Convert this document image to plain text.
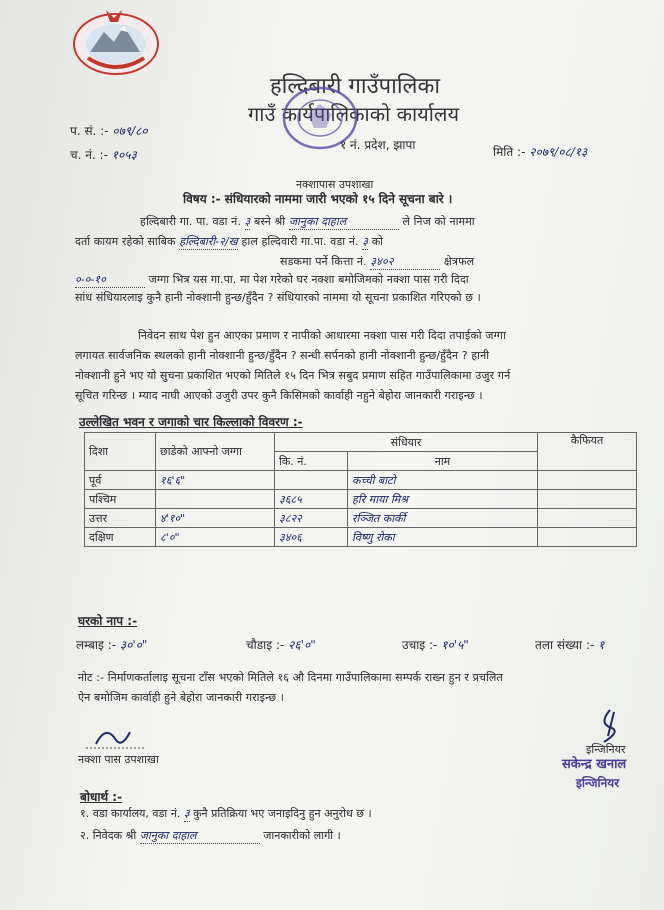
हल्दिबारी गाउँपालिका
गाउँ कार्यपालिकाको कार्यालय
१ नं. प्रदेश, झापा
प. सं. :- ०७९/८०
च. नं. :- १०५३	मिति :- २०७९/०८/१३
नक्शापास उपशाखा
विषय :- संधियारको नाममा जारी भएको १५ दिने सूचना बारे ।
हल्दिबारी गा. पा. वडा नं. ३ बस्ने श्री जानुका दाहाल	ले निज को नाममा
दर्ता कायम रहेको साबिक हल्दिबारी-२/ख हाल हल्दिवारी गा.पा. वडा नं. ३ को
सडकमा पर्ने कित्ता नं. ३४०२	क्षेत्रफल
०-०-१०	जग्गा भित्र यस गा.पा. मा पेश गरेको घर नक्शा बमोजिमको नक्शा पास गरी दिदा
सांध संधियारलाइ कुनै हानी नोक्शानी हुन्छ/हुँदैन ? संधियारको नाममा यो सूचना प्रकाशित गरिएको छ ।
निवेदन साथ पेश हुन आएका प्रमाण र नापीको आधारमा नक्शा पास गरी दिदा तपाईको जग्गा
लगायत सार्वजनिक स्थलको हानी नोक्शानी हुन्छ/हुँदैन ? सन्धी सर्पनको हानी नोक्शानी हुन्छ/हुँदैन ? हानी
नोक्शानी हुने भए यो सुचना प्रकाशित भएको मितिले १५ दिन भित्र सबुद प्रमाण सहित गाउँपालिकामा उजुर गर्न
सूचित गरिन्छ । म्याद नाघी आएको उजुरी उपर कुनै किसिमको कार्वाही नहुने बेहोरा जानकारी गराइन्छ ।
उल्लेखित भवन र जगाको चार किल्लाको विवरण :-
दिशा	छाडेको आफ्नो जग्गा	संधियार		कैफियत
		कि. नं.	नाम	
पूर्व	१६'६"		कच्ची बाटो	
पश्चिम		३६८५	हरि माया मिश्र	
उत्तर	४'१०"	३८२२	रञ्जित कार्की	
दक्षिण	८'०"	३४०६	विष्णु रोका	
घरको नाप :-
लम्बाइ :- ३०'०"	चौडाइ :- २६'०"	उचाइ :- १०'५"	तला संख्या :- १
नोट :- निर्माणकर्तालाइ सूचना टाँस भएको मितिले १६ औ दिनमा गाउँपालिकामा सम्पर्क राख्न हुन र प्रचलित
ऐन बमोजिम कार्वाही हुने बेहोरा जानकारी गराइन्छ ।
नक्शा पास उपशाखा
इन्जिनियर
सकेन्द्र खनाल
इन्जिनियर
बोधार्थ :-
१. वडा कार्यालय, वडा नं. ३ कुनै प्रतिक्रिया भए जनाइदिनु हुन अनुरोध छ ।
२. निवेदक श्री जानुका दाहाल	जानकारीको लागी ।
